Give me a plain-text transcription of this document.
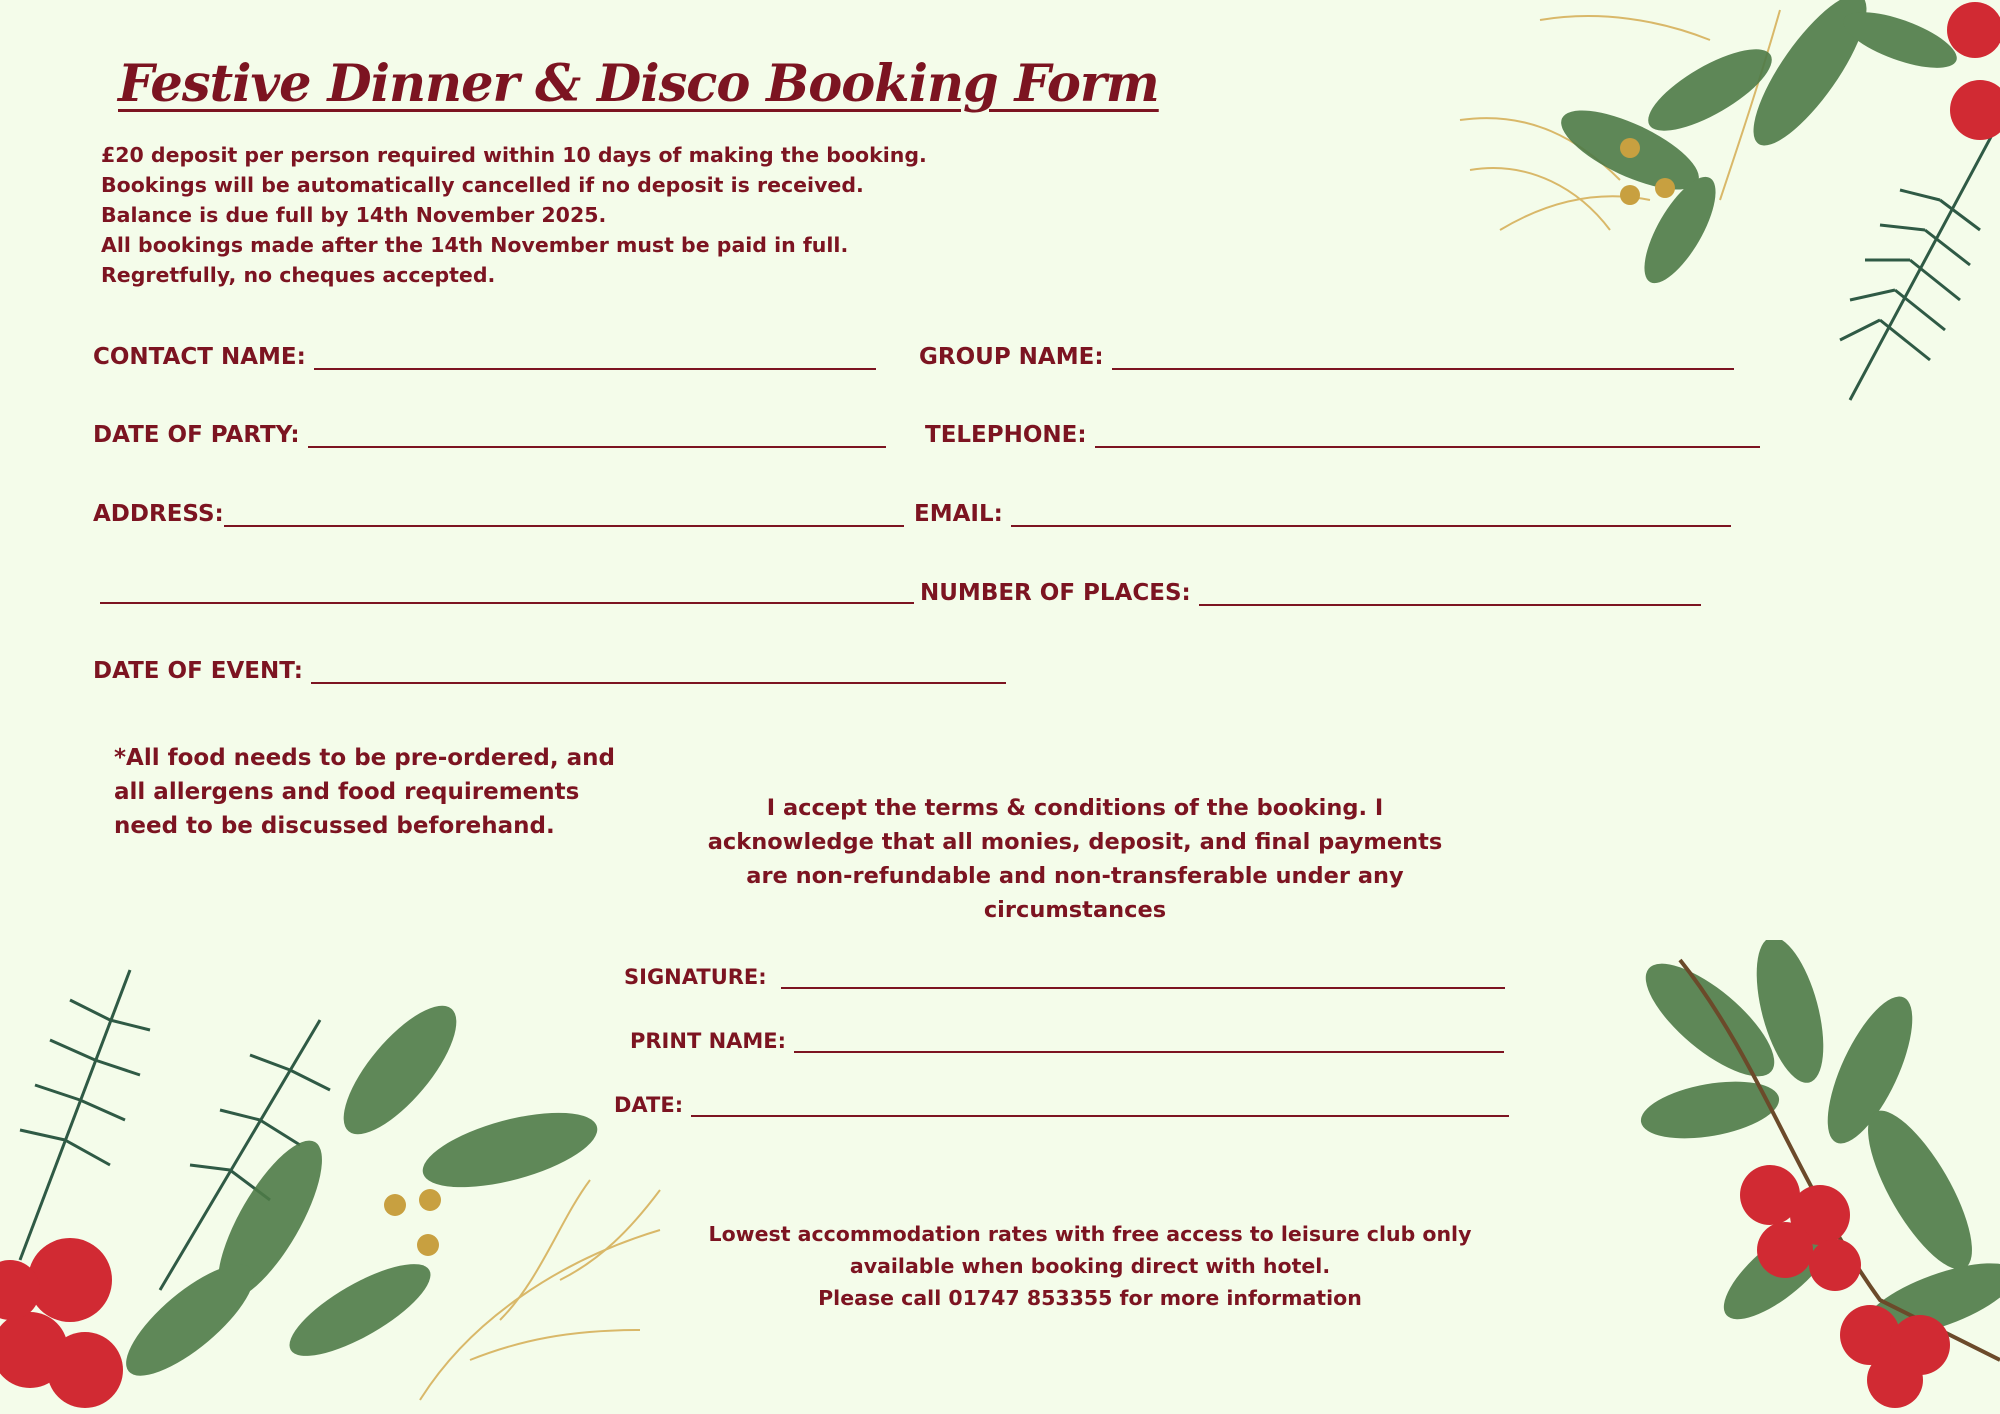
Festive Dinner & Disco Booking Form
£20 deposit per person required within 10 days of making the booking.
Bookings will be automatically cancelled if no deposit is received.
Balance is due full by 14th November 2025.
All bookings made after the 14th November must be paid in full.
Regretfully, no cheques accepted.
CONTACT NAME:	GROUP NAME:
DATE OF PARTY:	TELEPHONE:
ADDRESS:	EMAIL:
NUMBER OF PLACES:
DATE OF EVENT:
*All food needs to be pre-ordered, and
all allergens and food requirements
need to be discussed beforehand.
I accept the terms & conditions of the booking. I
acknowledge that all monies, deposit, and final payments
are non-refundable and non-transferable under any
circumstances
SIGNATURE:
PRINT NAME:
DATE:
Lowest accommodation rates with free access to leisure club only
available when booking direct with hotel.
Please call 01747 853355 for more information
